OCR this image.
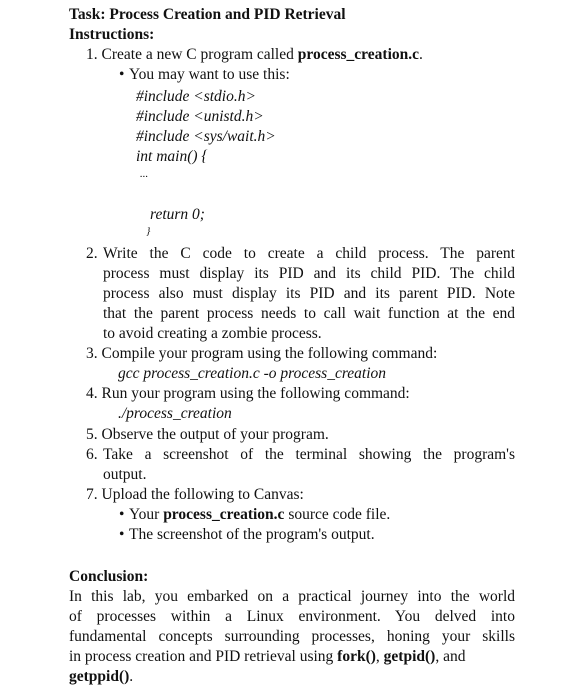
Task: Process Creation and PID Retrieval
Instructions:
1. Create a new C program called process_creation.c.
• You may want to use this:
#include <stdio.h>
#include <unistd.h>
#include <sys/wait.h>
int main() {
...
return 0;
}
2. Write the C code to create a child process. The parent
process must display its PID and its child PID. The child
process also must display its PID and its parent PID. Note
that the parent process needs to call wait function at the end
to avoid creating a zombie process.
3. Compile your program using the following command:
gcc process_creation.c -o process_creation
4. Run your program using the following command:
./process_creation
5. Observe the output of your program.
6. Take a screenshot of the terminal showing the program's
output.
7. Upload the following to Canvas:
• Your process_creation.c source code file.
• The screenshot of the program's output.
Conclusion:
In this lab, you embarked on a practical journey into the world
of processes within a Linux environment. You delved into
fundamental concepts surrounding processes, honing your skills
in process creation and PID retrieval using fork(), getpid(), and
getppid().
